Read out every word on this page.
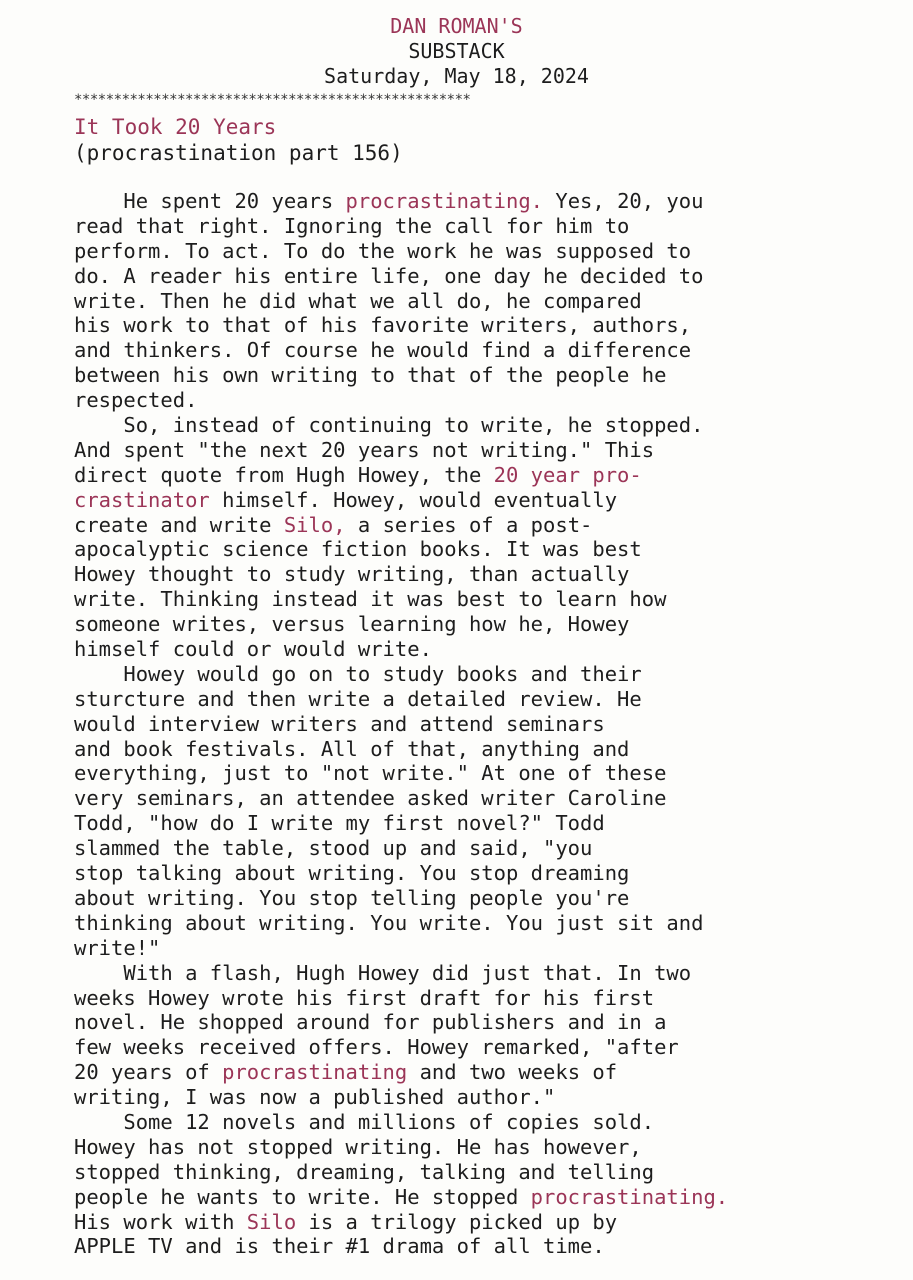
DAN ROMAN'S
SUBSTACK
Saturday, May 18, 2024
**************************************************
It Took 20 Years
(procrastination part 156)
He spent 20 years procrastinating. Yes, 20, you
read that right. Ignoring the call for him to
perform. To act. To do the work he was supposed to
do. A reader his entire life, one day he decided to
write. Then he did what we all do, he compared
his work to that of his favorite writers, authors,
and thinkers. Of course he would find a difference
between his own writing to that of the people he
respected.
So, instead of continuing to write, he stopped.
And spent "the next 20 years not writing." This
direct quote from Hugh Howey, the 20 year pro-
crastinator himself. Howey, would eventually
create and write Silo, a series of a post-
apocalyptic science fiction books. It was best
Howey thought to study writing, than actually
write. Thinking instead it was best to learn how
someone writes, versus learning how he, Howey
himself could or would write.
Howey would go on to study books and their
sturcture and then write a detailed review. He
would interview writers and attend seminars
and book festivals. All of that, anything and
everything, just to "not write." At one of these
very seminars, an attendee asked writer Caroline
Todd, "how do I write my first novel?" Todd
slammed the table, stood up and said, "you
stop talking about writing. You stop dreaming
about writing. You stop telling people you're
thinking about writing. You write. You just sit and
write!"
With a flash, Hugh Howey did just that. In two
weeks Howey wrote his first draft for his first
novel. He shopped around for publishers and in a
few weeks received offers. Howey remarked, "after
20 years of procrastinating and two weeks of
writing, I was now a published author."
Some 12 novels and millions of copies sold.
Howey has not stopped writing. He has however,
stopped thinking, dreaming, talking and telling
people he wants to write. He stopped procrastinating.
His work with Silo is a trilogy picked up by
APPLE TV and is their #1 drama of all time.
